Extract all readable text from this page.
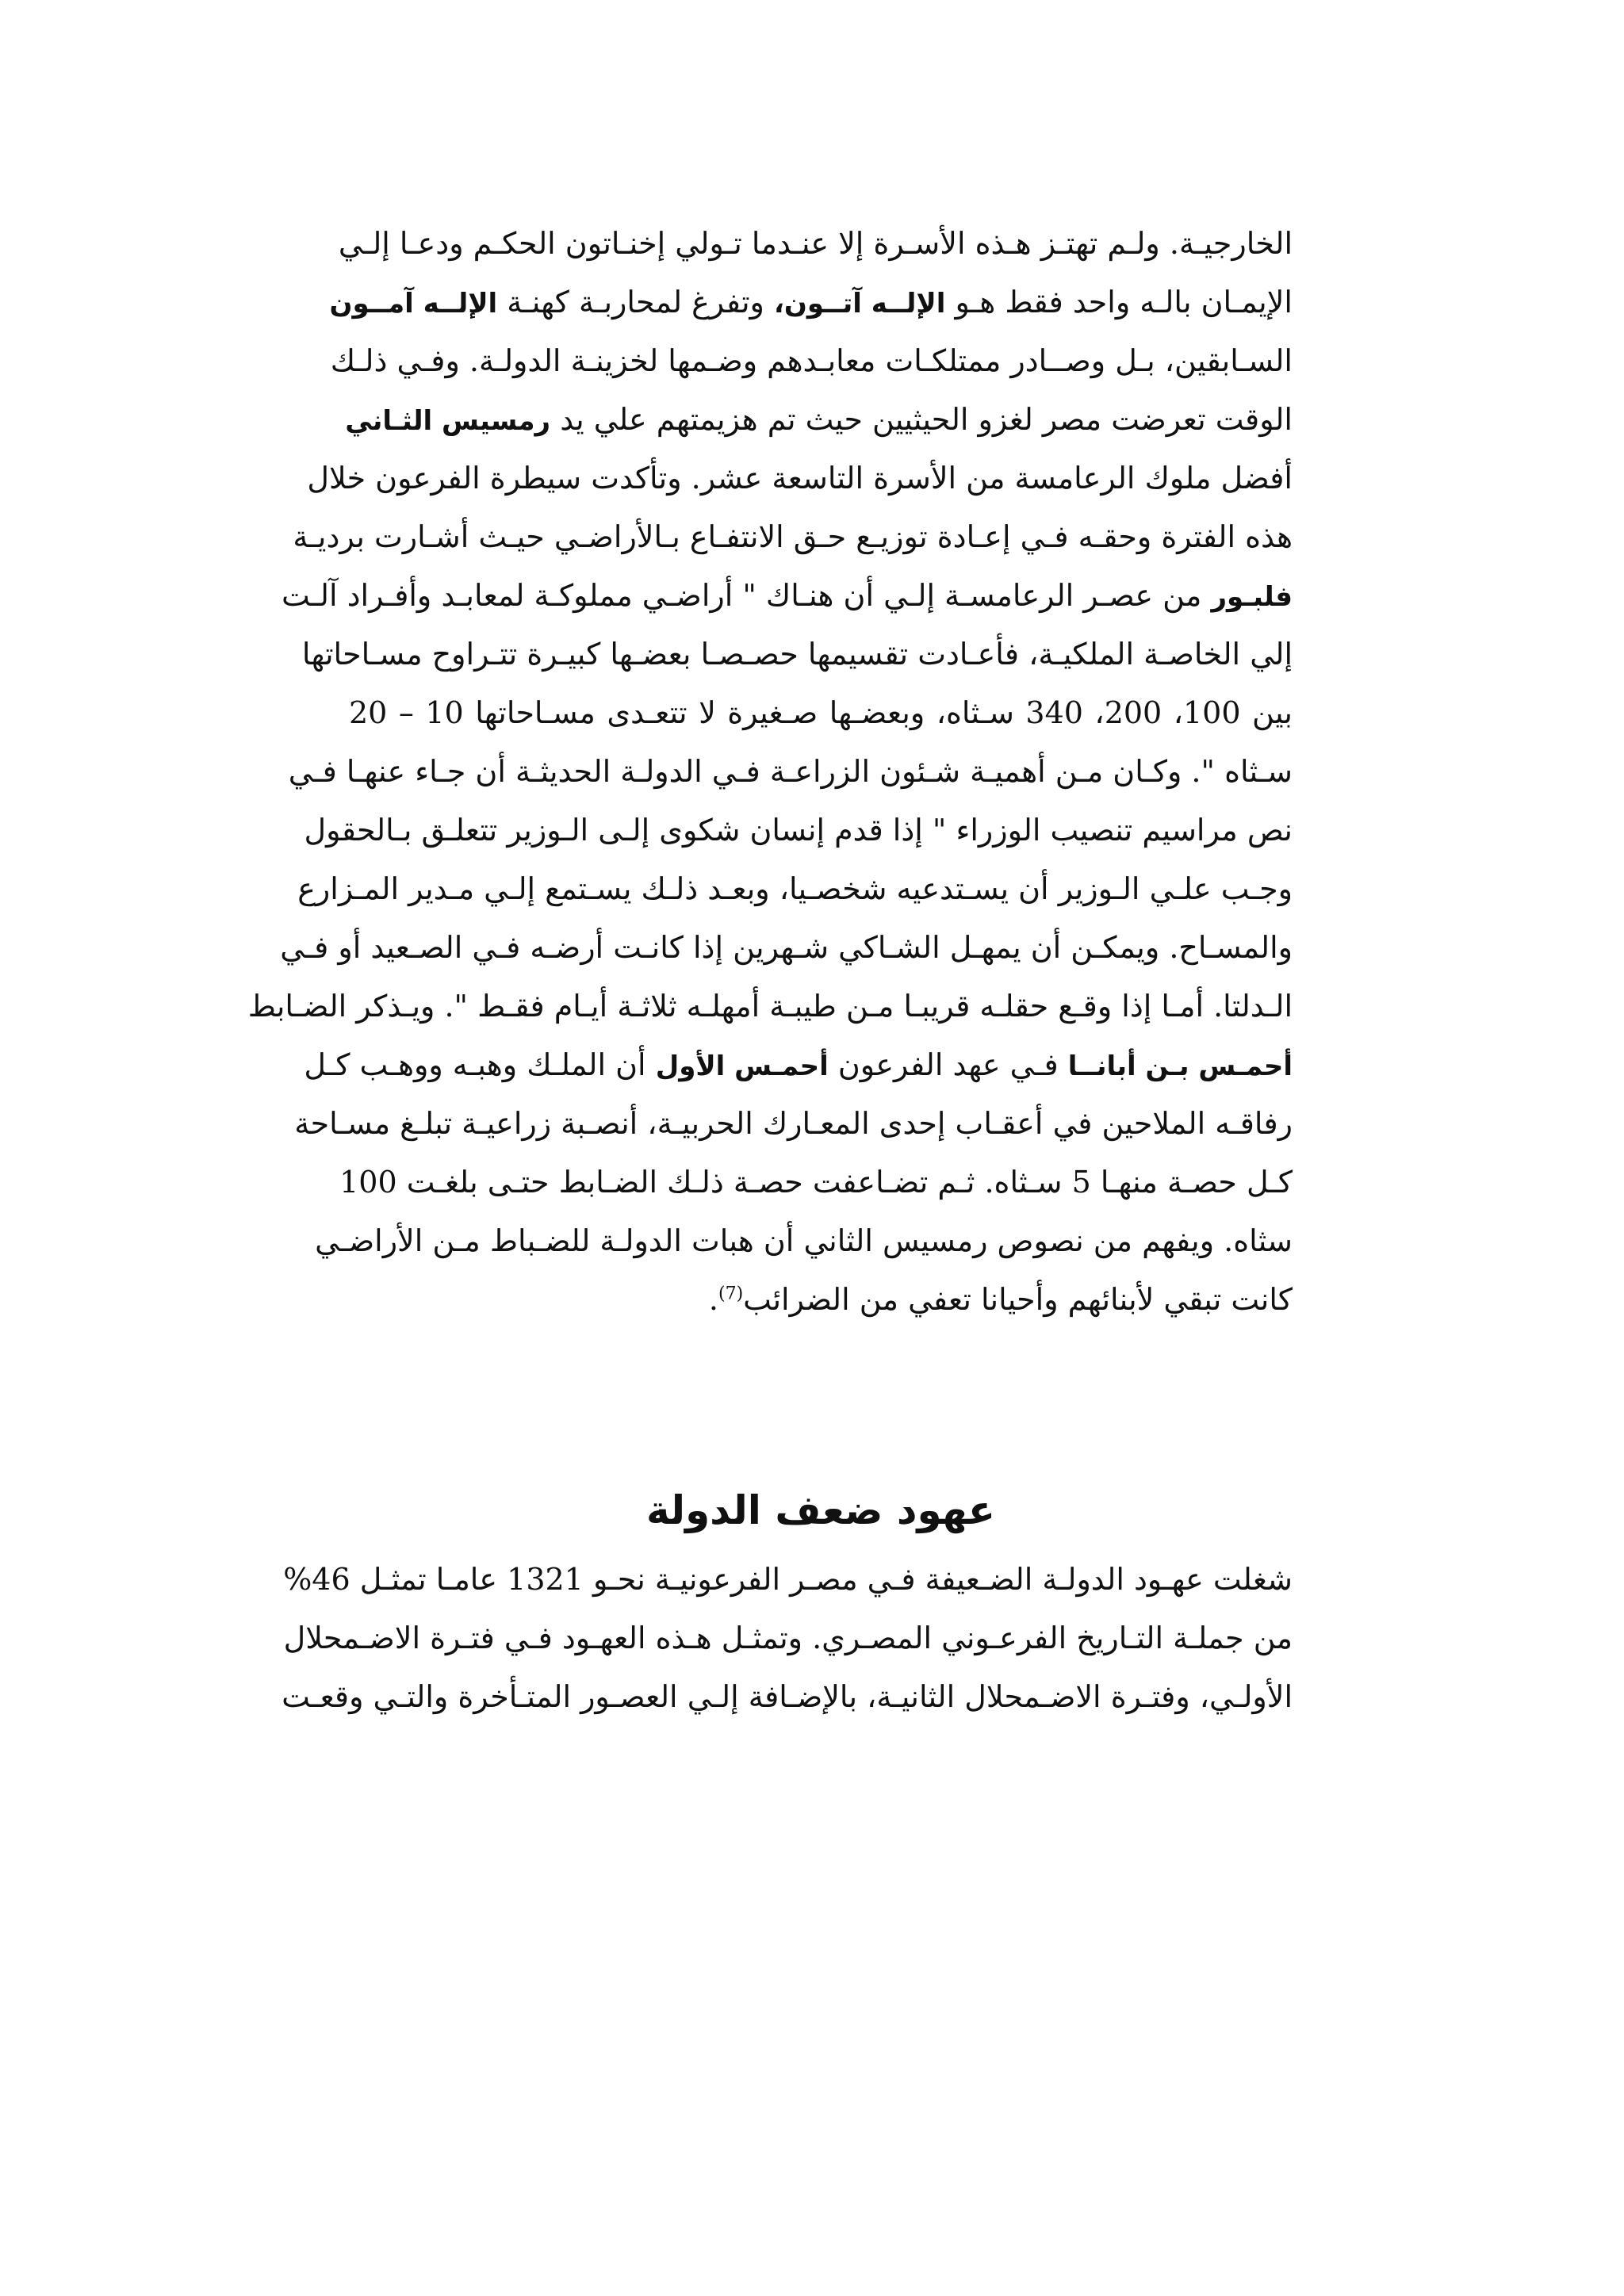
الخارجيـة. ولـم تهتـز هـذه الأسـرة إلا عنـدما تـولي إخنـاتون الحكـم ودعـا إلـي
الإيمـان بالـه واحد فقط هـو الإلــه آتــون، وتفرغ لمحاربـة كهنـة الإلــه آمــون
السـابقين، بـل وصــادر ممتلكـات معابـدهم وضـمها لخزينـة الدولـة. وفـي ذلـك
الوقت تعرضت مصر لغزو الحيثيين حيث تم هزيمتهم علي يد رمسيس الثـاني
أفضل ملوك الرعامسة من الأسرة التاسعة عشر. وتأكدت سيطرة الفرعون خلال
هذه الفترة وحقـه فـي إعـادة توزيـع حـق الانتفـاع بـالأراضـي حيـث أشـارت برديـة
فلبـور من عصـر الرعامسـة إلـي أن هنـاك " أراضـي مملوكـة لمعابـد وأفـراد آلـت
إلي الخاصـة الملكيـة، فأعـادت تقسيمها حصـصـا بعضـها كبيـرة تتـراوح مسـاحاتها
بين 100، 200، 340 سـثاه، وبعضـها صـغيرة لا تتعـدى مسـاحاتها 10 – 20
سـثاه ". وكـان مـن أهميـة شـئون الزراعـة فـي الدولـة الحديثـة أن جـاء عنهـا فـي
نص مراسيم تنصيب الوزراء " إذا قدم إنسان شكوى إلـى الـوزير تتعلـق بـالحقول
وجـب علـي الـوزير أن يسـتدعيه شخصـيا، وبعـد ذلـك يسـتمع إلـي مـدير المـزارع
والمسـاح. ويمكـن أن يمهـل الشـاكي شـهرين إذا كانـت أرضـه فـي الصـعيد أو فـي
الـدلتا. أمـا إذا وقـع حقلـه قريبـا مـن طيبـة أمهلـه ثلاثـة أيـام فقـط ". ويـذكر الضـابط
أحمـس بـن أبانــا فـي عهد الفرعون أحمـس الأول أن الملـك وهبـه ووهـب كـل
رفاقـه الملاحين في أعقـاب إحدى المعـارك الحربيـة، أنصـبة زراعيـة تبلـغ مسـاحة
كـل حصـة منهـا 5 سـثاه. ثـم تضـاعفت حصـة ذلـك الضـابط حتـى بلغـت 100
سثاه. ويفهم من نصوص رمسيس الثاني أن هبات الدولـة للضـباط مـن الأراضـي
كانت تبقي لأبنائهم وأحيانا تعفي من الضرائب$^{(7)}$.
عهود ضعف الدولة
شغلت عهـود الدولـة الضـعيفة فـي مصـر الفرعونيـة نحـو 1321 عامـا تمثـل 46%
من جملـة التـاريخ الفرعـوني المصـري. وتمثـل هـذه العهـود فـي فتـرة الاضـمحلال
الأولـي، وفتـرة الاضـمحلال الثانيـة، بالإضـافة إلـي العصـور المتـأخرة والتـي وقعـت
